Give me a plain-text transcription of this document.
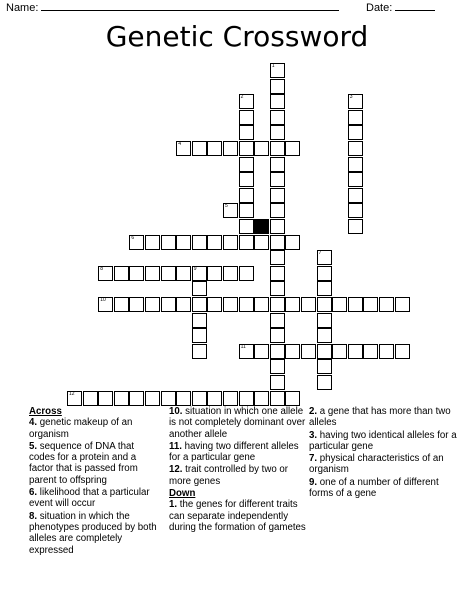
Name:	Date:
Genetic Crossword
1
2	3
4
7
9
8
6
10
11
12
5
Across
4. genetic makeup of an organism
5. sequence of DNA that codes for a protein and a factor that is passed from parent to offspring
6. likelihood that a particular event will occur
8. situation in which the phenotypes produced by both alleles are completely expressed
10. situation in which one allele is not completely dominant over another allele
11. having two different alleles for a particular gene
12. trait controlled by two or more genes
Down
1. the genes for different traits can separate independently during the formation of gametes
2. a gene that has more than two alleles
3. having two identical alleles for a particular gene
7. physical characteristics of an organism
9. one of a number of different forms of a gene
